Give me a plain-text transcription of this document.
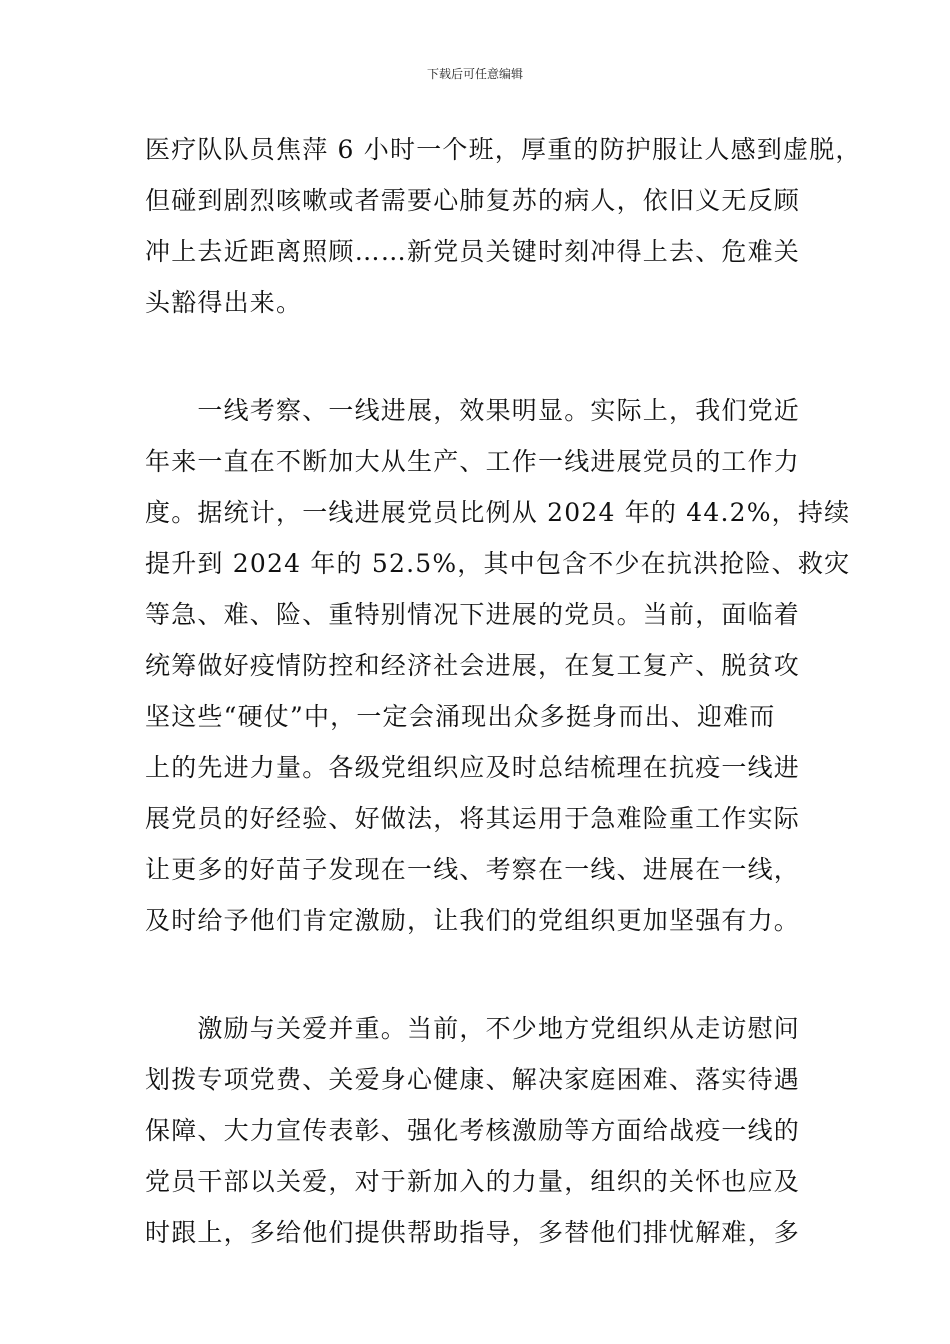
下载后可任意编辑

医疗队队员焦萍 6 小时一个班，厚重的防护服让人感到虚脱，
但碰到剧烈咳嗽或者需要心肺复苏的病人，依旧义无反顾
冲上去近距离照顾……新党员关键时刻冲得上去、危难关
头豁得出来。

　　一线考察、一线进展，效果明显。实际上，我们党近
年来一直在不断加大从生产、工作一线进展党员的工作力
度。据统计，一线进展党员比例从 2024 年的 44.2%，持续
提升到 2024 年的 52.5%，其中包含不少在抗洪抢险、救灾
等急、难、险、重特别情况下进展的党员。当前，面临着
统筹做好疫情防控和经济社会进展，在复工复产、脱贫攻
坚这些“硬仗”中，一定会涌现出众多挺身而出、迎难而
上的先进力量。各级党组织应及时总结梳理在抗疫一线进
展党员的好经验、好做法，将其运用于急难险重工作实际
让更多的好苗子发现在一线、考察在一线、进展在一线，
及时给予他们肯定激励，让我们的党组织更加坚强有力。

　　激励与关爱并重。当前，不少地方党组织从走访慰问
划拨专项党费、关爱身心健康、解决家庭困难、落实待遇
保障、大力宣传表彰、强化考核激励等方面给战疫一线的
党员干部以关爱，对于新加入的力量，组织的关怀也应及
时跟上，多给他们提供帮助指导，多替他们排忧解难，多
